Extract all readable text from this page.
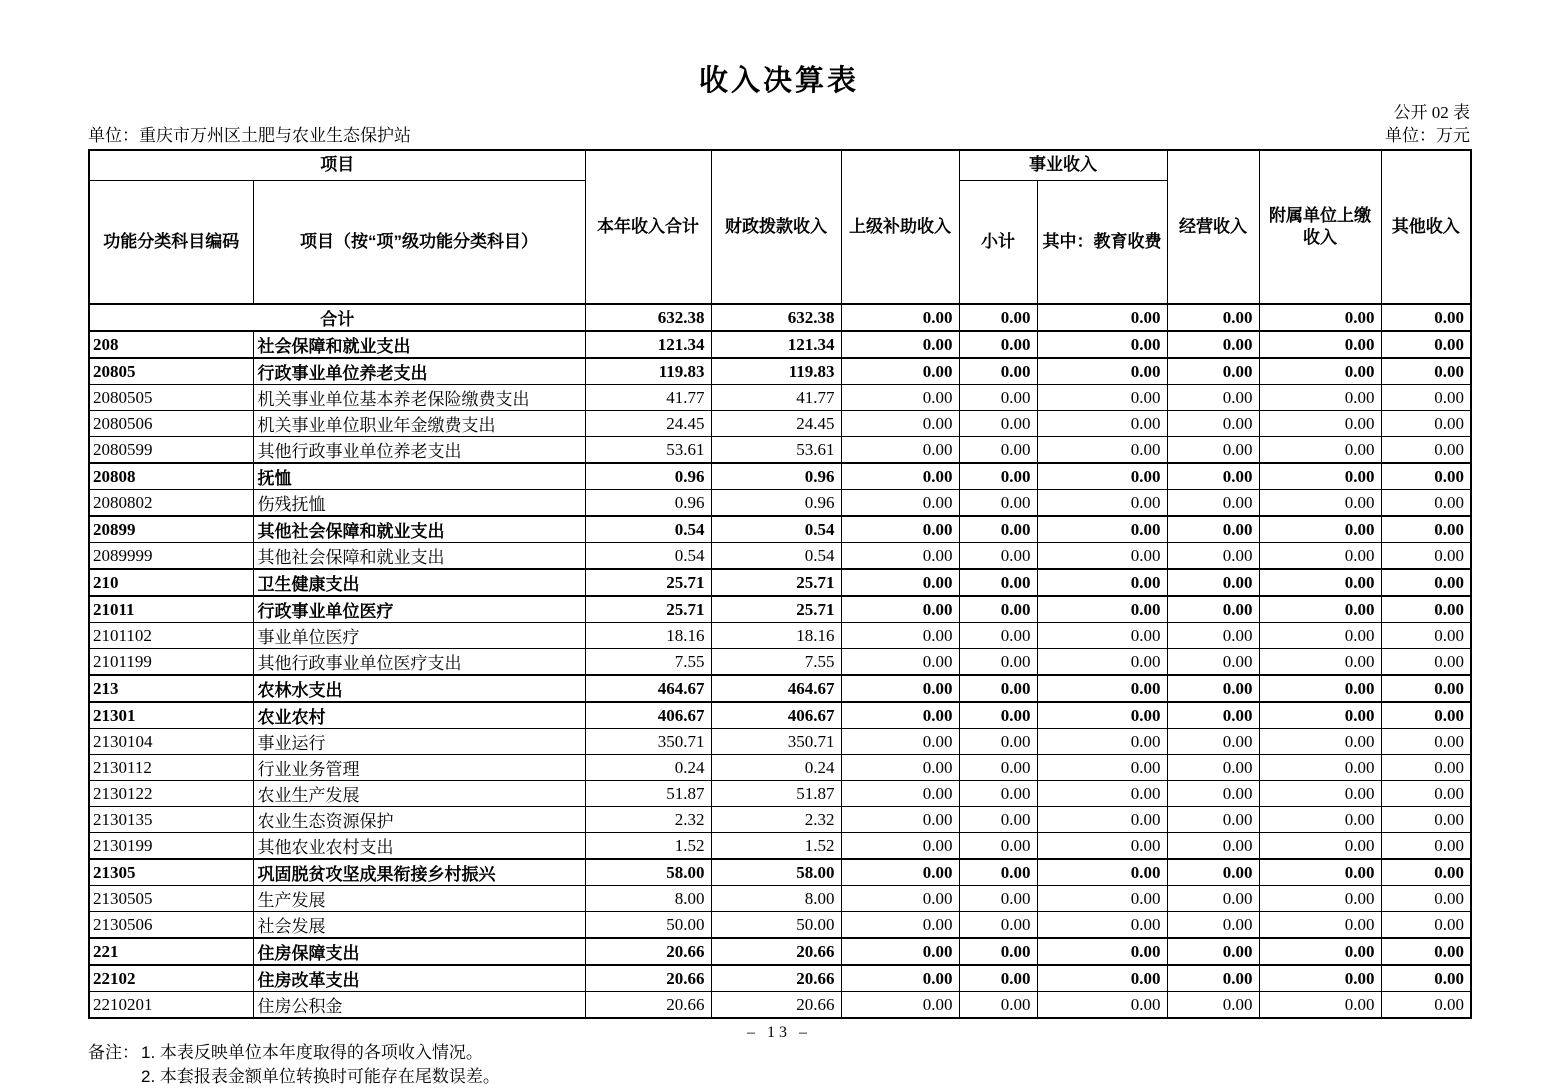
收入决算表
公开 02 表
单位：重庆市万州区土肥与农业生态保护站	单位：万元
项目		本年收入合计	财政拨款收入	上级补助收入	事业收入		经营收入	附属单位上缴收入	其他收入
功能分类科目编码	项目（按“项”级功能分类科目）				小计	其中：教育收费			
合计		632.38	632.38	0.00	0.00	0.00	0.00	0.00	0.00
208	社会保障和就业支出	121.34	121.34	0.00	0.00	0.00	0.00	0.00	0.00
20805	行政事业单位养老支出	119.83	119.83	0.00	0.00	0.00	0.00	0.00	0.00
2080505	机关事业单位基本养老保险缴费支出	41.77	41.77	0.00	0.00	0.00	0.00	0.00	0.00
2080506	机关事业单位职业年金缴费支出	24.45	24.45	0.00	0.00	0.00	0.00	0.00	0.00
2080599	其他行政事业单位养老支出	53.61	53.61	0.00	0.00	0.00	0.00	0.00	0.00
20808	抚恤	0.96	0.96	0.00	0.00	0.00	0.00	0.00	0.00
2080802	伤残抚恤	0.96	0.96	0.00	0.00	0.00	0.00	0.00	0.00
20899	其他社会保障和就业支出	0.54	0.54	0.00	0.00	0.00	0.00	0.00	0.00
2089999	其他社会保障和就业支出	0.54	0.54	0.00	0.00	0.00	0.00	0.00	0.00
210	卫生健康支出	25.71	25.71	0.00	0.00	0.00	0.00	0.00	0.00
21011	行政事业单位医疗	25.71	25.71	0.00	0.00	0.00	0.00	0.00	0.00
2101102	事业单位医疗	18.16	18.16	0.00	0.00	0.00	0.00	0.00	0.00
2101199	其他行政事业单位医疗支出	7.55	7.55	0.00	0.00	0.00	0.00	0.00	0.00
213	农林水支出	464.67	464.67	0.00	0.00	0.00	0.00	0.00	0.00
21301	农业农村	406.67	406.67	0.00	0.00	0.00	0.00	0.00	0.00
2130104	事业运行	350.71	350.71	0.00	0.00	0.00	0.00	0.00	0.00
2130112	行业业务管理	0.24	0.24	0.00	0.00	0.00	0.00	0.00	0.00
2130122	农业生产发展	51.87	51.87	0.00	0.00	0.00	0.00	0.00	0.00
2130135	农业生态资源保护	2.32	2.32	0.00	0.00	0.00	0.00	0.00	0.00
2130199	其他农业农村支出	1.52	1.52	0.00	0.00	0.00	0.00	0.00	0.00
21305	巩固脱贫攻坚成果衔接乡村振兴	58.00	58.00	0.00	0.00	0.00	0.00	0.00	0.00
2130505	生产发展	8.00	8.00	0.00	0.00	0.00	0.00	0.00	0.00
2130506	社会发展	50.00	50.00	0.00	0.00	0.00	0.00	0.00	0.00
221	住房保障支出	20.66	20.66	0.00	0.00	0.00	0.00	0.00	0.00
22102	住房改革支出	20.66	20.66	0.00	0.00	0.00	0.00	0.00	0.00
2210201	住房公积金	20.66	20.66	0.00	0.00	0.00	0.00	0.00	0.00
备注： 1. 本表反映单位本年度取得的各项收入情况。
2. 本套报表金额单位转换时可能存在尾数误差。
– 13 –
